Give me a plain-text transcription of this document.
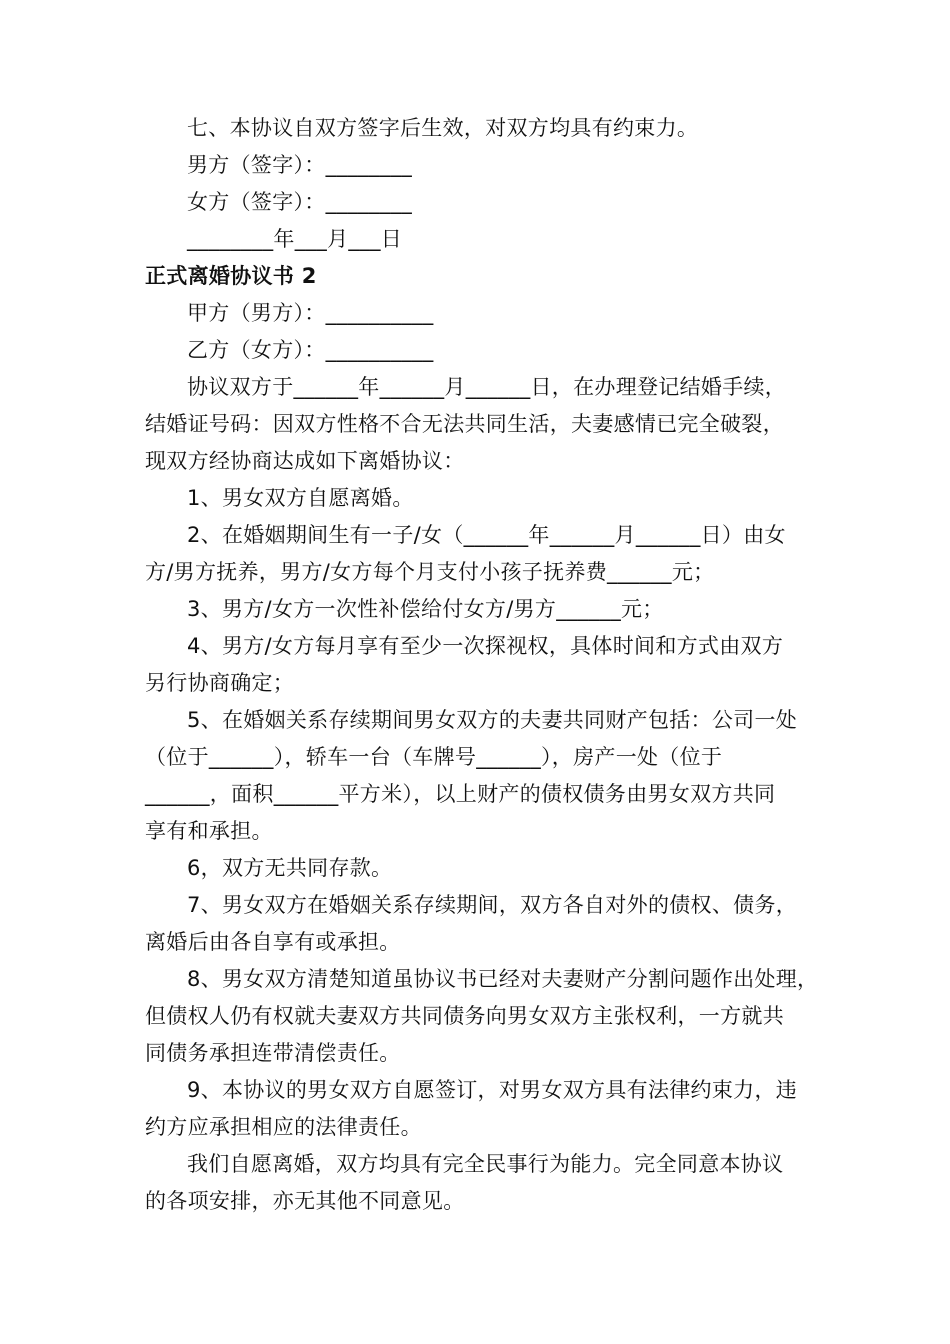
七、本协议自双方签字后生效，对双方均具有约束力。
男方（签字）：________
女方（签字）：________
________年___月___日
正式离婚协议书 2
甲方（男方）：__________
乙方（女方）：__________
协议双方于______年______月______日，在办理登记结婚手续，
结婚证号码：因双方性格不合无法共同生活，夫妻感情已完全破裂，
现双方经协商达成如下离婚协议：
1、男女双方自愿离婚。
2、在婚姻期间生有一子/女（______年______月______日）由女
方/男方抚养，男方/女方每个月支付小孩子抚养费______元；
3、男方/女方一次性补偿给付女方/男方______元；
4、男方/女方每月享有至少一次探视权，具体时间和方式由双方
另行协商确定；
5、在婚姻关系存续期间男女双方的夫妻共同财产包括：公司一处
（位于______），轿车一台（车牌号______），房产一处（位于
______，面积______平方米），以上财产的债权债务由男女双方共同
享有和承担。
6，双方无共同存款。
7、男女双方在婚姻关系存续期间，双方各自对外的债权、债务，
离婚后由各自享有或承担。
8、男女双方清楚知道虽协议书已经对夫妻财产分割问题作出处理，
但债权人仍有权就夫妻双方共同债务向男女双方主张权利，一方就共
同债务承担连带清偿责任。
9、本协议的男女双方自愿签订，对男女双方具有法律约束力，违
约方应承担相应的法律责任。
我们自愿离婚，双方均具有完全民事行为能力。完全同意本协议
的各项安排，亦无其他不同意见。
